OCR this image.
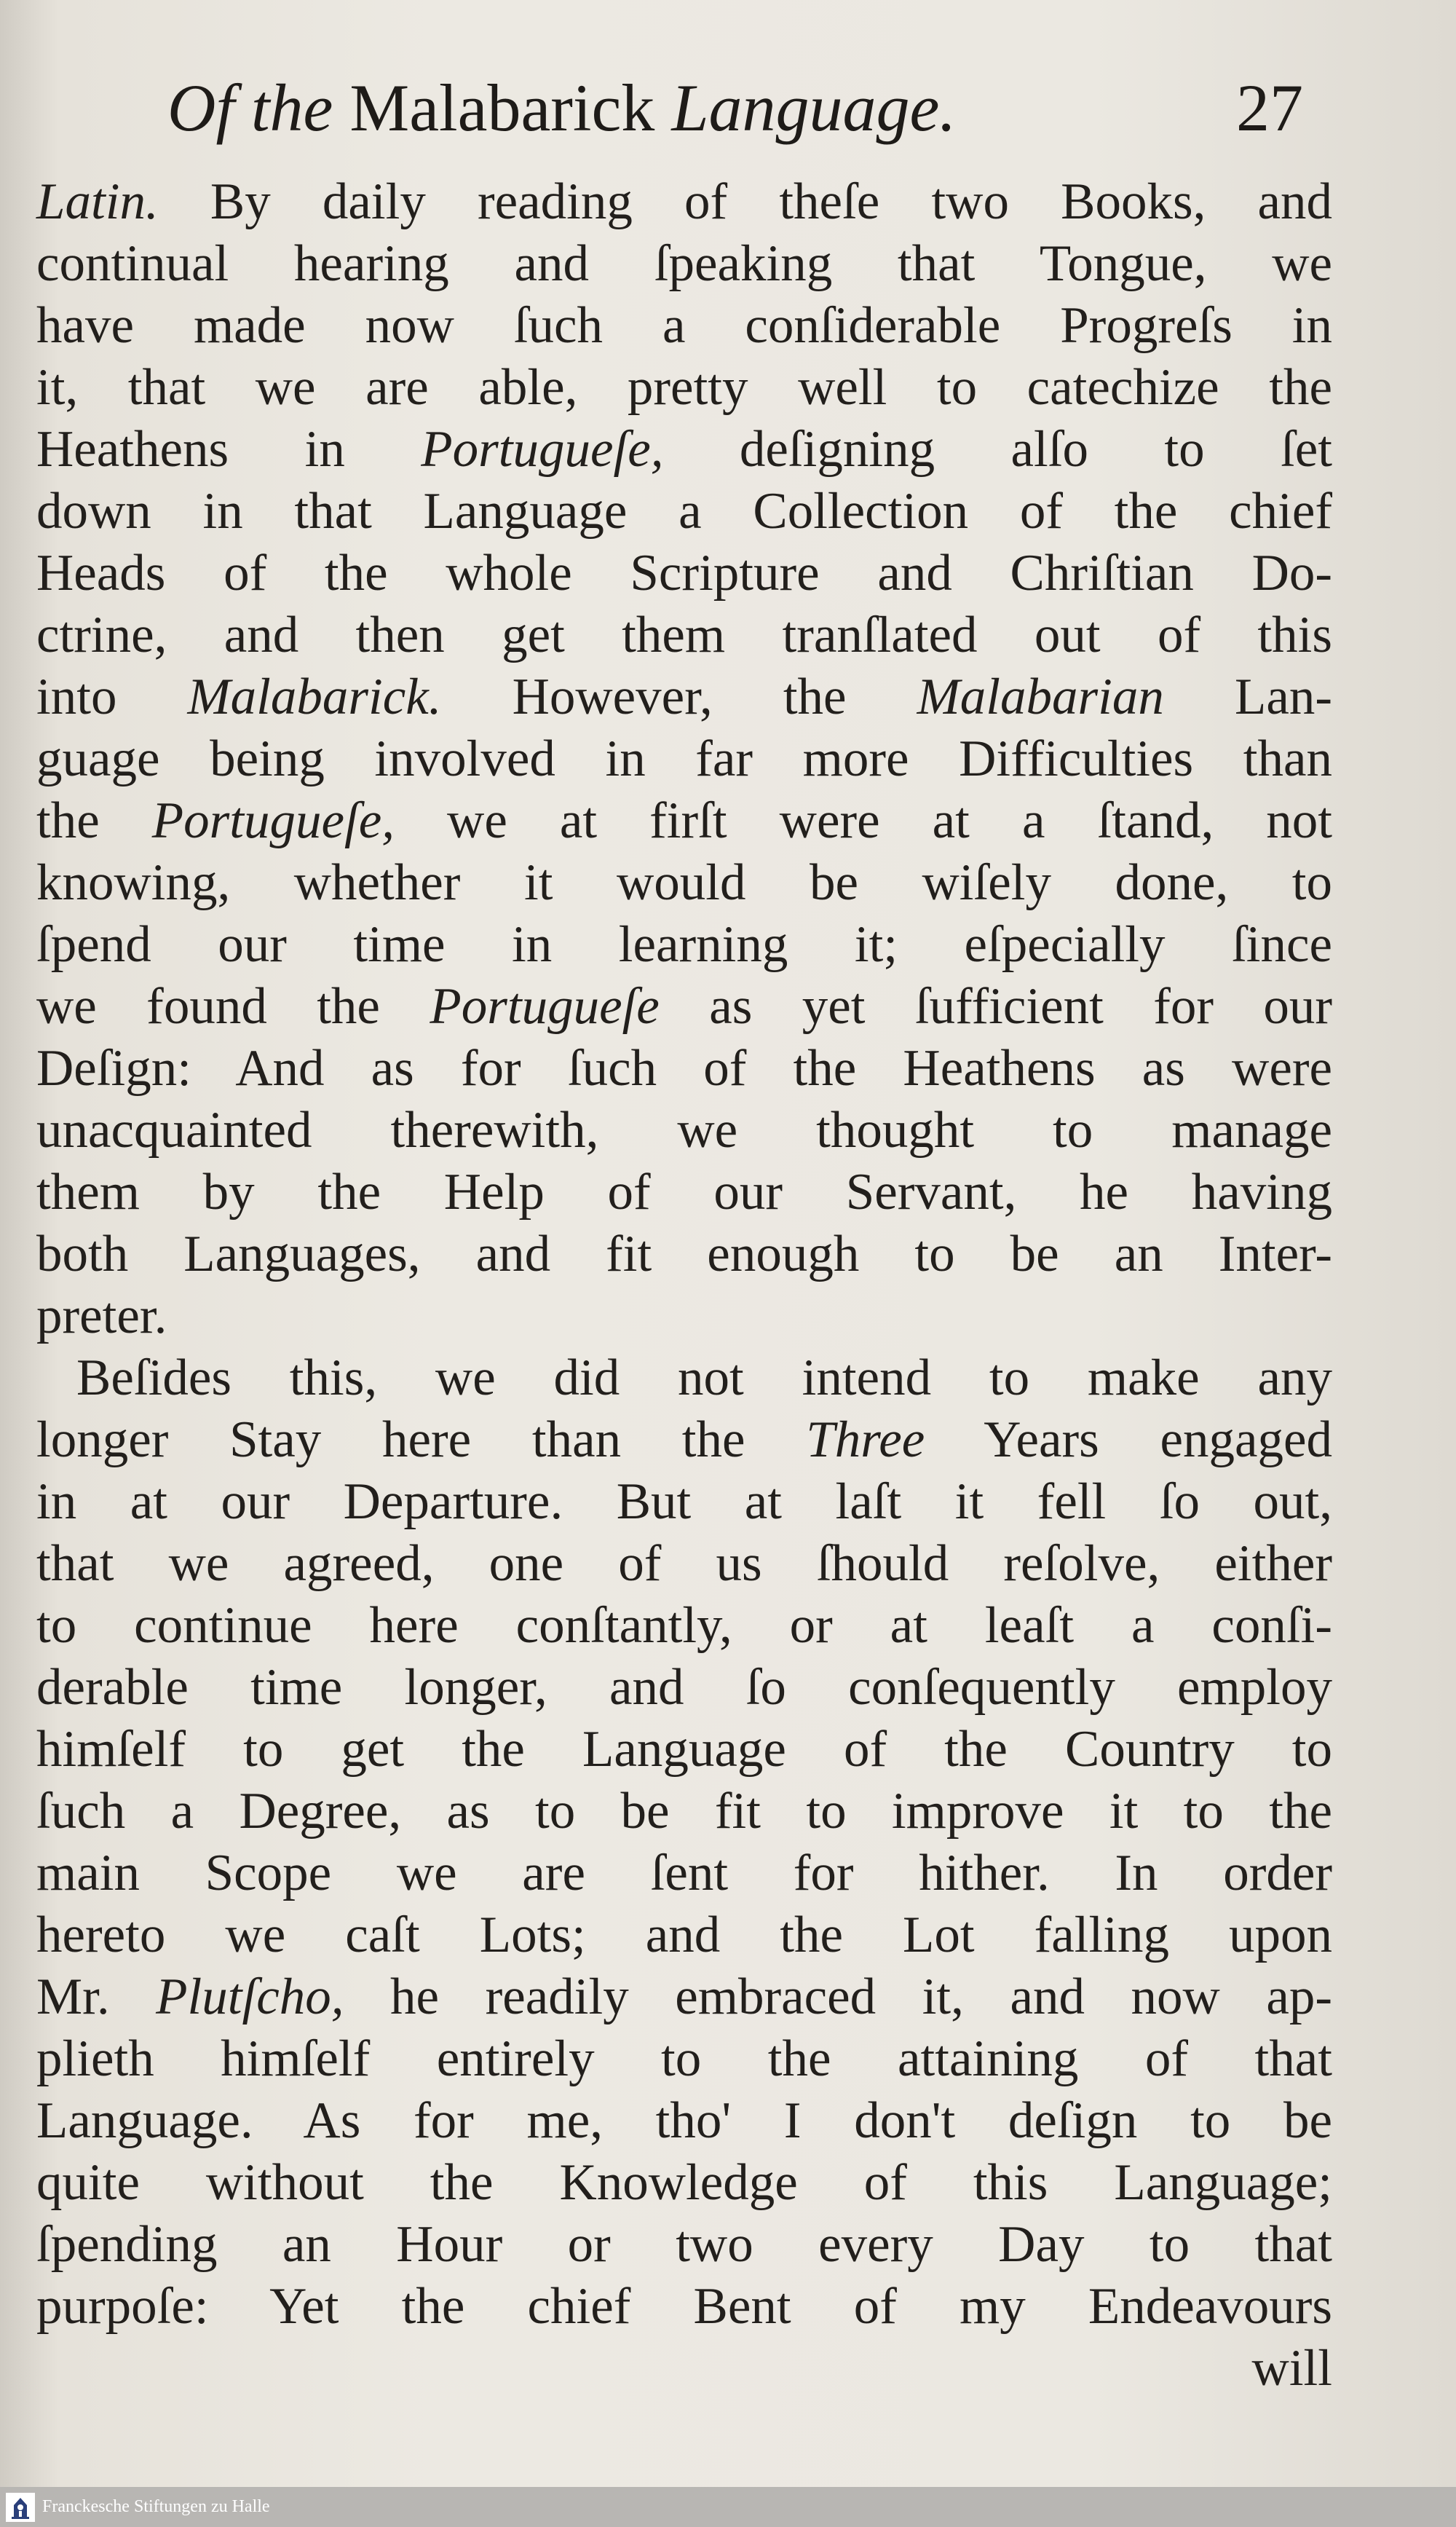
Of the Malabarick Language.	27
Latin. By daily reading of theſe two Books, and
continual hearing and ſpeaking that Tongue, we
have made now ſuch a conſiderable Progreſs in
it, that we are able, pretty well to catechize the
Heathens in Portugueſe, deſigning alſo to ſet
down in that Language a Collection of the chief
Heads of the whole Scripture and Chriſtian Do-
ctrine, and then get them tranſlated out of this
into Malabarick. However, the Malabarian Lan-
guage being involved in far more Difficulties than
the Portugueſe, we at firſt were at a ſtand, not
knowing, whether it would be wiſely done, to
ſpend our time in learning it; eſpecially ſince
we found the Portugueſe as yet ſufficient for our
Deſign: And as for ſuch of the Heathens as were
unacquainted therewith, we thought to manage
them by the Help of our Servant, he having
both Languages, and fit enough to be an Inter-
preter.
Beſides this, we did not intend to make any
longer Stay here than the Three Years engaged
in at our Departure. But at laſt it fell ſo out,
that we agreed, one of us ſhould reſolve, either
to continue here conſtantly, or at leaſt a conſi-
derable time longer, and ſo conſequently employ
himſelf to get the Language of the Country to
ſuch a Degree, as to be fit to improve it to the
main Scope we are ſent for hither. In order
hereto we caſt Lots; and the Lot falling upon
Mr. Plutſcho, he readily embraced it, and now ap-
plieth himſelf entirely to the attaining of that
Language. As for me, tho' I don't deſign to be
quite without the Knowledge of this Language;
ſpending an Hour or two every Day to that
purpoſe: Yet the chief Bent of my Endeavours
will
Franckesche Stiftungen zu Halle
